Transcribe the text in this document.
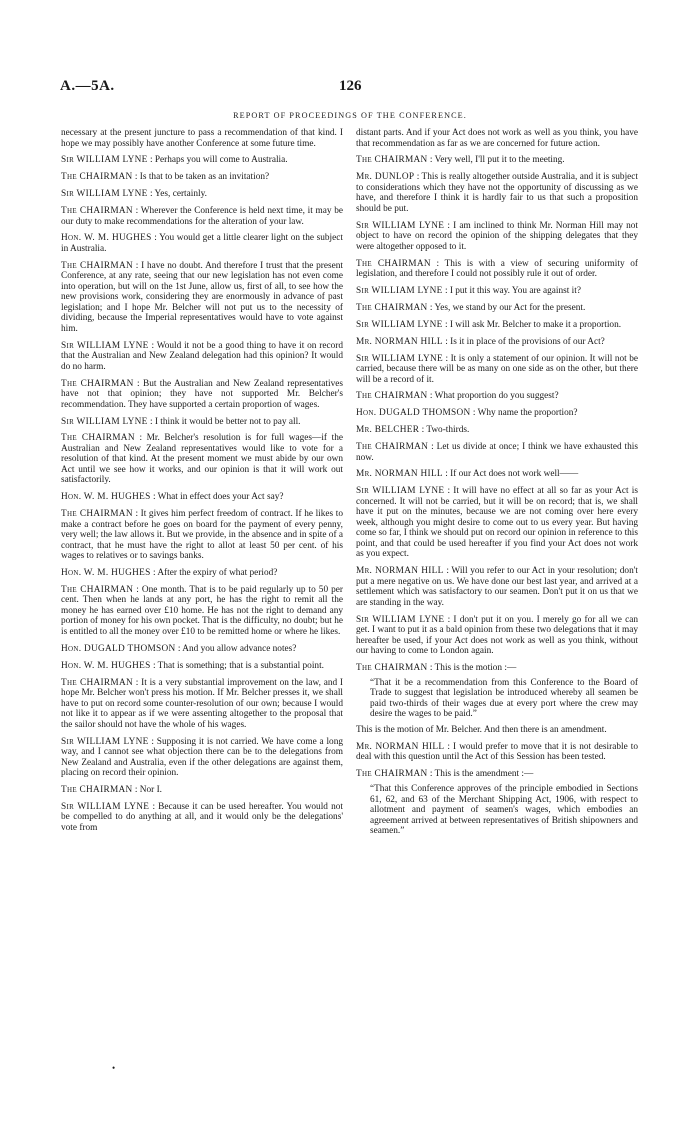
A.—5A.	126
REPORT OF PROCEEDINGS OF THE CONFERENCE.

necessary at the present juncture to pass a recommendation of that kind. I hope we may possibly have another Conference at some future time.

Sir WILLIAM LYNE : Perhaps you will come to Australia.

The CHAIRMAN : Is that to be taken as an invitation?

Sir WILLIAM LYNE : Yes, certainly.

The CHAIRMAN : Wherever the Conference is held next time, it may be our duty to make recommendations for the alteration of your law.

Hon. W. M. HUGHES : You would get a little clearer light on the subject in Australia.

The CHAIRMAN : I have no doubt. And therefore I trust that the present Conference, at any rate, seeing that our new legislation has not even come into operation, but will on the 1st June, allow us, first of all, to see how the new provisions work, considering they are enormously in advance of past legislation; and I hope Mr. Belcher will not put us to the necessity of dividing, because the Imperial representatives would have to vote against him.

Sir WILLIAM LYNE : Would it not be a good thing to have it on record that the Australian and New Zealand delegation had this opinion? It would do no harm.

The CHAIRMAN : But the Australian and New Zealand representatives have not that opinion; they have not supported Mr. Belcher's recommendation. They have supported a certain proportion of wages.

Sir WILLIAM LYNE : I think it would be better not to pay all.

The CHAIRMAN : Mr. Belcher's resolution is for full wages—if the Australian and New Zealand representatives would like to vote for a resolution of that kind. At the present moment we must abide by our own Act until we see how it works, and our opinion is that it will work out satisfactorily.

Hon. W. M. HUGHES : What in effect does your Act say?

The CHAIRMAN : It gives him perfect freedom of contract. If he likes to make a contract before he goes on board for the payment of every penny, very well; the law allows it. But we provide, in the absence and in spite of a contract, that he must have the right to allot at least 50 per cent. of his wages to relatives or to savings banks.

Hon. W. M. HUGHES : After the expiry of what period?

The CHAIRMAN : One month. That is to be paid regularly up to 50 per cent. Then when he lands at any port, he has the right to remit all the money he has earned over £10 home. He has not the right to demand any portion of money for his own pocket. That is the difficulty, no doubt; but he is entitled to all the money over £10 to be remitted home or where he likes.

Hon. DUGALD THOMSON : And you allow advance notes?

Hon. W. M. HUGHES : That is something; that is a substantial point.

The CHAIRMAN : It is a very substantial improvement on the law, and I hope Mr. Belcher won't press his motion. If Mr. Belcher presses it, we shall have to put on record some counter-resolution of our own; because I would not like it to appear as if we were assenting altogether to the proposal that the sailor should not have the whole of his wages.

Sir WILLIAM LYNE : Supposing it is not carried. We have come a long way, and I cannot see what objection there can be to the delegations from New Zealand and Australia, even if the other delegations are against them, placing on record their opinion.

The CHAIRMAN : Nor I.

Sir WILLIAM LYNE : Because it can be used hereafter. You would not be compelled to do anything at all, and it would only be the delegations' vote from

distant parts. And if your Act does not work as well as you think, you have that recommendation as far as we are concerned for future action.

The CHAIRMAN : Very well, I'll put it to the meeting.

Mr. DUNLOP : This is really altogether outside Australia, and it is subject to considerations which they have not the opportunity of discussing as we have, and therefore I think it is hardly fair to us that such a proposition should be put.

Sir WILLIAM LYNE : I am inclined to think Mr. Norman Hill may not object to have on record the opinion of the shipping delegates that they were altogether opposed to it.

The CHAIRMAN : This is with a view of securing uniformity of legislation, and therefore I could not possibly rule it out of order.

Sir WILLIAM LYNE : I put it this way. You are against it?

The CHAIRMAN : Yes, we stand by our Act for the present.

Sir WILLIAM LYNE : I will ask Mr. Belcher to make it a proportion.

Mr. NORMAN HILL : Is it in place of the provisions of our Act?

Sir WILLIAM LYNE : It is only a statement of our opinion. It will not be carried, because there will be as many on one side as on the other, but there will be a record of it.

The CHAIRMAN : What proportion do you suggest?

Hon. DUGALD THOMSON : Why name the proportion?

Mr. BELCHER : Two-thirds.

The CHAIRMAN : Let us divide at once; I think we have exhausted this now.

Mr. NORMAN HILL : If our Act does not work well——

Sir WILLIAM LYNE : It will have no effect at all so far as your Act is concerned. It will not be carried, but it will be on record; that is, we shall have it put on the minutes, because we are not coming over here every week, although you might desire to come out to us every year. But having come so far, I think we should put on record our opinion in reference to this point, and that could be used hereafter if you find your Act does not work as you expect.

Mr. NORMAN HILL : Will you refer to our Act in your resolution; don't put a mere negative on us. We have done our best last year, and arrived at a settlement which was satisfactory to our seamen. Don't put it on us that we are standing in the way.

Sir WILLIAM LYNE : I don't put it on you. I merely go for all we can get. I want to put it as a bald opinion from these two delegations that it may hereafter be used, if your Act does not work as well as you think, without our having to come to London again.

The CHAIRMAN : This is the motion :—

“That it be a recommendation from this Conference to the Board of Trade to suggest that legislation be introduced whereby all seamen be paid two-thirds of their wages due at every port where the crew may desire the wages to be paid.”

This is the motion of Mr. Belcher. And then there is an amendment.

Mr. NORMAN HILL : I would prefer to move that it is not desirable to deal with this question until the Act of this Session has been tested.

The CHAIRMAN : This is the amendment :—

“That this Conference approves of the principle embodied in Sections 61, 62, and 63 of the Merchant Shipping Act, 1906, with respect to allotment and payment of seamen's wages, which embodies an agreement arrived at between representatives of British shipowners and seamen.”

•
